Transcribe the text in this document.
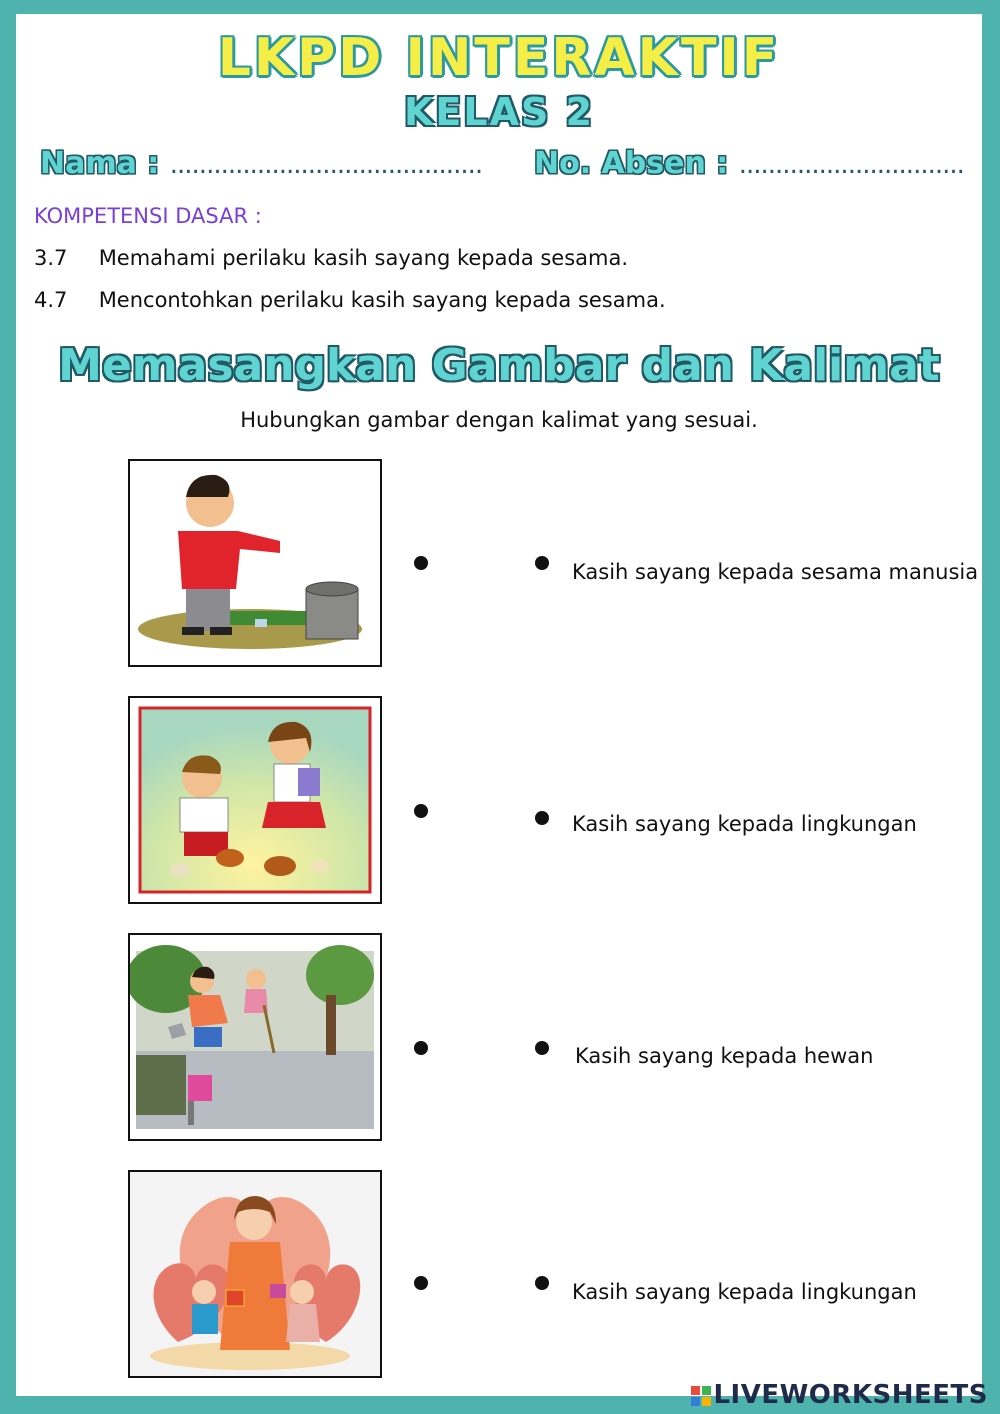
LKPD INTERAKTIF
KELAS 2
Nama : ........................................... No. Absen : ...............................
KOMPETENSI DASAR :
3.7 Memahami perilaku kasih sayang kepada sesama.
4.7 Mencontohkan perilaku kasih sayang kepada sesama.
Memasangkan Gambar dan Kalimat
Hubungkan gambar dengan kalimat yang sesuai.
Kasih sayang kepada sesama manusia
Kasih sayang kepada lingkungan
Kasih sayang kepada hewan
Kasih sayang kepada lingkungan
LIVEWORKSHEETS
